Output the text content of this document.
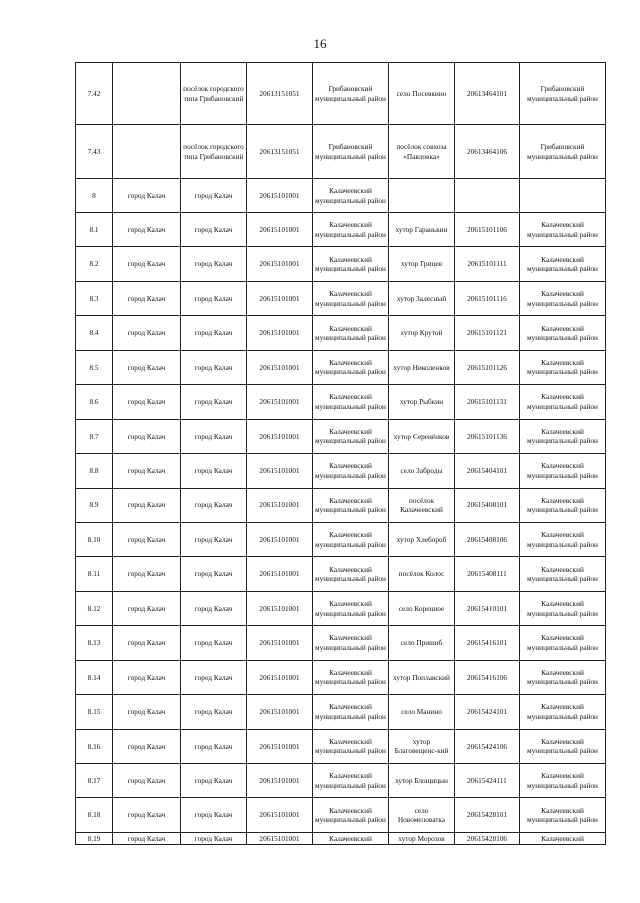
16
7.42		посёлок городского типа Грибановский	20613151051	Грибановский муниципальный район	село Посевкино	20613464101	Грибановский муниципальный район
7.43		посёлок городского типа Грибановский	20613151051	Грибановский муниципальный район	посёлок совхоза «Павловка»	20613464106	Грибановский муниципальный район
8	город Калач	город Калач	20615101001	Калачеевский муниципальный район			
8.1	город Калач	город Калач	20615101001	Калачеевский муниципальный район	хутор Гаранькин	20615101106	Калачеевский муниципальный район
8.2	город Калач	город Калач	20615101001	Калачеевский муниципальный район	хутор Грицев	20615101111	Калачеевский муниципальный район
8.3	город Калач	город Калач	20615101001	Калачеевский муниципальный район	хутор Залесный	20615101116	Калачеевский муниципальный район
8.4	город Калач	город Калач	20615101001	Калачеевский муниципальный район	хутор Крутой	20615101121	Калачеевский муниципальный район
8.5	город Калач	город Калач	20615101001	Калачеевский муниципальный район	хутор Николенков	20615101126	Калачеевский муниципальный район
8.6	город Калач	город Калач	20615101001	Калачеевский муниципальный район	хутор Рыбкин	20615101131	Калачеевский муниципальный район
8.7	город Калач	город Калач	20615101001	Калачеевский муниципальный район	хутор Серенёнков	20615101136	Калачеевский муниципальный район
8.8	город Калач	город Калач	20615101001	Калачеевский муниципальный район	село Заброды	20615404101	Калачеевский муниципальный район
8.9	город Калач	город Калач	20615101001	Калачеевский муниципальный район	посёлок Калачеевский	20615408101	Калачеевский муниципальный район
8.10	город Калач	город Калач	20615101001	Калачеевский муниципальный район	хутор Хлебороб	20615408106	Калачеевский муниципальный район
8.11	город Калач	город Калач	20615101001	Калачеевский муниципальный район	посёлок Колос	20615408111	Калачеевский муниципальный район
8.12	город Калач	город Калач	20615101001	Калачеевский муниципальный район	село Коренное	20615410101	Калачеевский муниципальный район
8.13	город Калач	город Калач	20615101001	Калачеевский муниципальный район	село Пришиб	20615416101	Калачеевский муниципальный район
8.14	город Калач	город Калач	20615101001	Калачеевский муниципальный район	хутор Поплавский	20615416106	Калачеевский муниципальный район
8.15	город Калач	город Калач	20615101001	Калачеевский муниципальный район	село Манино	20615424101	Калачеевский муниципальный район
8.16	город Калач	город Калач	20615101001	Калачеевский муниципальный район	хутор Благовещенс-кий	20615424106	Калачеевский муниципальный район
8.17	город Калач	город Калач	20615101001	Калачеевский муниципальный район	хутор Блощицын	20615424111	Калачеевский муниципальный район
8.18	город Калач	город Калач	20615101001	Калачеевский муниципальный район	село Новомеловатка	20615428101	Калачеевский муниципальный район
8.19	город Калач	город Калач	20615101001	Калачеевский	хутор Морозов	20615428106	Калачеевский
